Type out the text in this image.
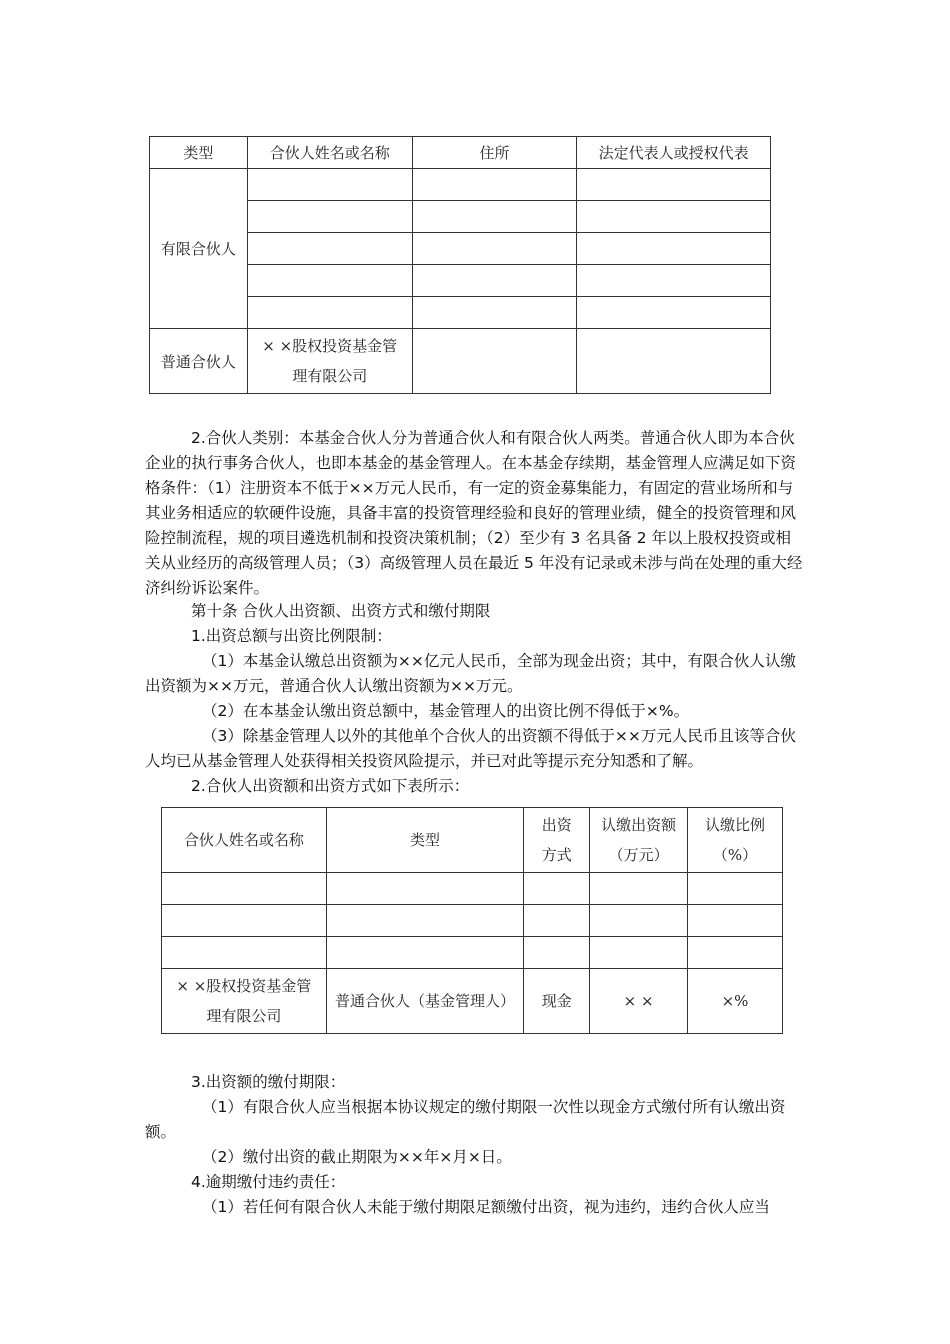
类型	合伙人姓名或名称	住所	法定代表人或授权代表
有限合伙人			

普通合伙人	× ×股权投资基金管理有限公司		

2.合伙人类别：本基金合伙人分为普通合伙人和有限合伙人两类。普通合伙人即为本合伙企业的执行事务合伙人，也即本基金的基金管理人。在本基金存续期，基金管理人应满足如下资格条件：（1）注册资本不低于××万元人民币，有一定的资金募集能力，有固定的营业场所和与其业务相适应的软硬件设施，具备丰富的投资管理经验和良好的管理业绩，健全的投资管理和风险控制流程，规的项目遴选机制和投资决策机制；（2）至少有 3 名具备 2 年以上股权投资或相关从业经历的高级管理人员；（3）高级管理人员在最近 5 年没有记录或未涉与尚在处理的重大经济纠纷诉讼案件。

第十条 合伙人出资额、出资方式和缴付期限

1.出资总额与出资比例限制：

（1）本基金认缴总出资额为××亿元人民币，全部为现金出资；其中，有限合伙人认缴出资额为××万元，普通合伙人认缴出资额为××万元。

（2）在本基金认缴出资总额中，基金管理人的出资比例不得低于×%。

（3）除基金管理人以外的其他单个合伙人的出资额不得低于××万元人民币且该等合伙人均已从基金管理人处获得相关投资风险提示，并已对此等提示充分知悉和了解。

2.合伙人出资额和出资方式如下表所示：

合伙人姓名或名称	类型	出资方式	认缴出资额（万元）	认缴比例（%）

× ×股权投资基金管理有限公司	普通合伙人（基金管理人）	现金	× ×	×%

3.出资额的缴付期限：

（1）有限合伙人应当根据本协议规定的缴付期限一次性以现金方式缴付所有认缴出资额。

（2）缴付出资的截止期限为××年×月×日。

4.逾期缴付违约责任：

（1）若任何有限合伙人未能于缴付期限足额缴付出资，视为违约，违约合伙人应当
